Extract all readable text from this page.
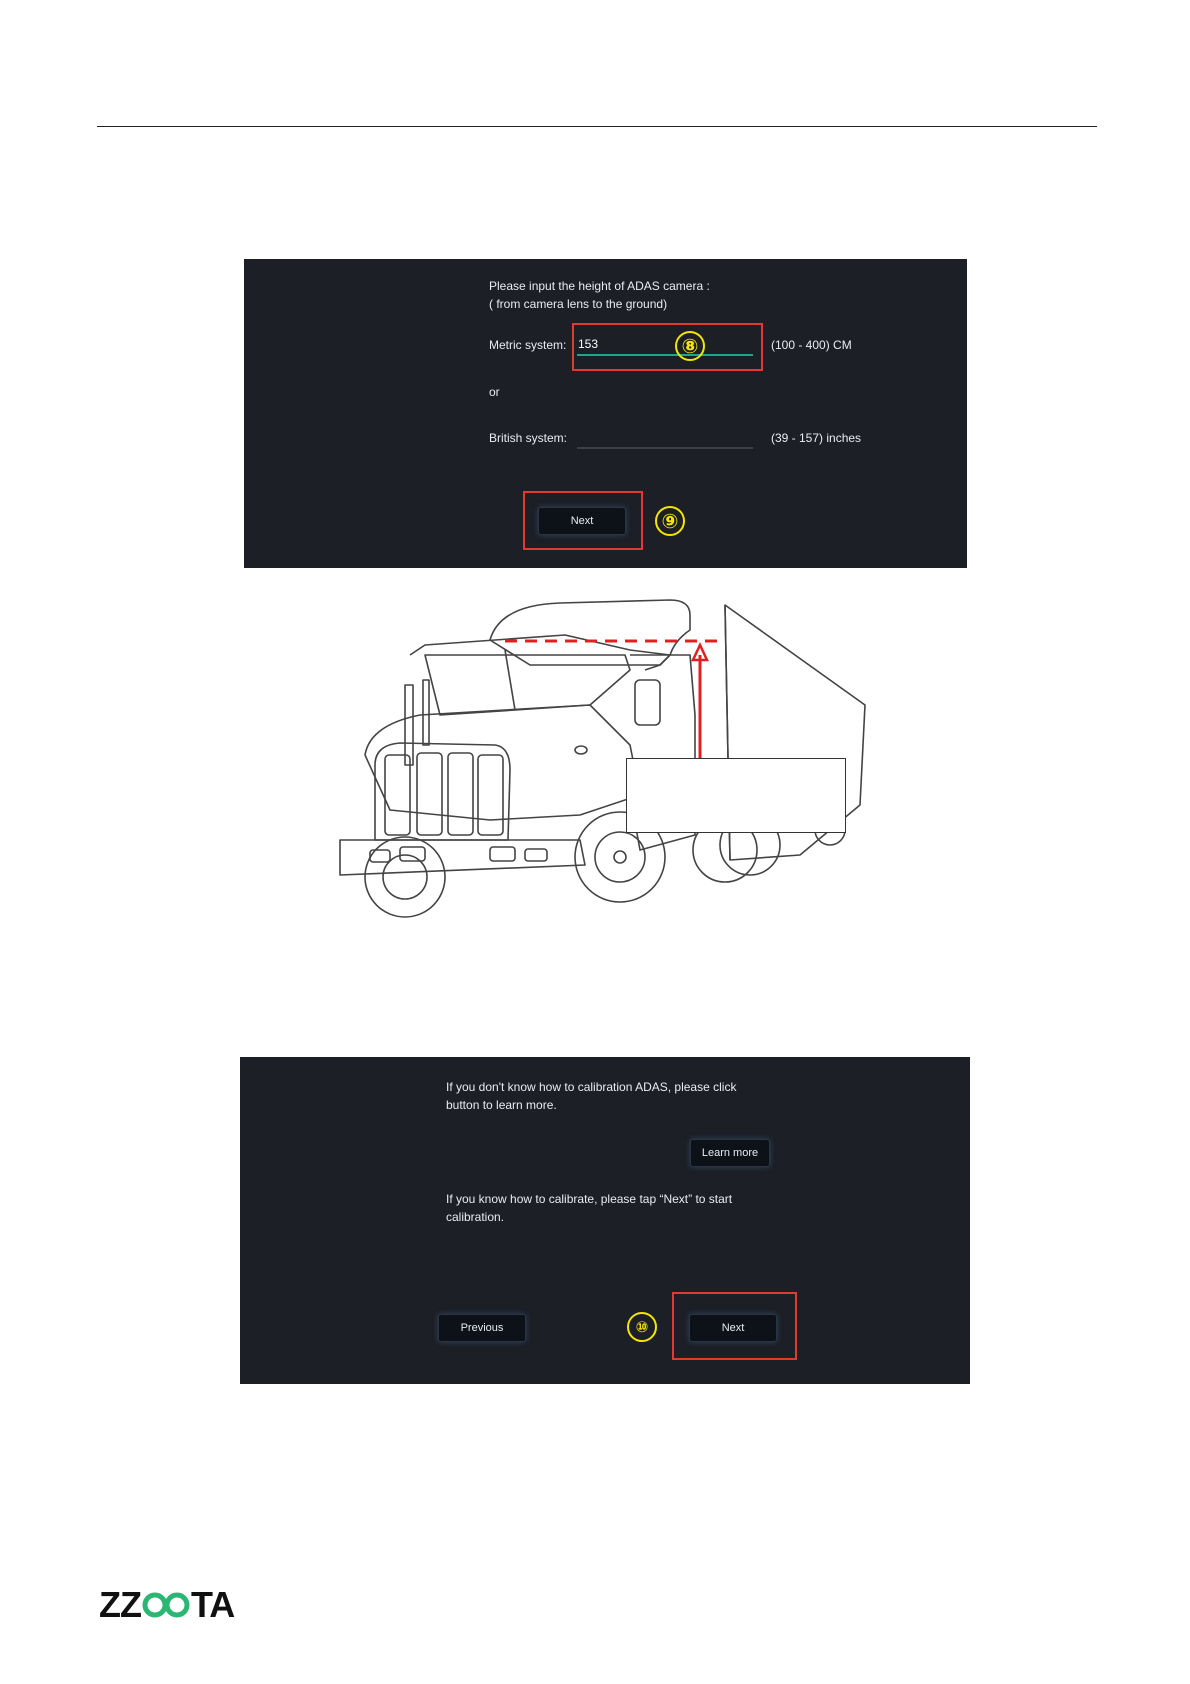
Please input the height of ADAS camera :
( from camera lens to the ground)
Metric system:
153	(100 - 400) CM
⑧
or
British system:	(39 - 157) inches
Next	⑨
If you don't know how to calibration ADAS, please click
button to learn more.
Learn more
If you know how to calibrate, please tap “Next” to start
calibration.
Previous	⑩	Next
ZZ TA
